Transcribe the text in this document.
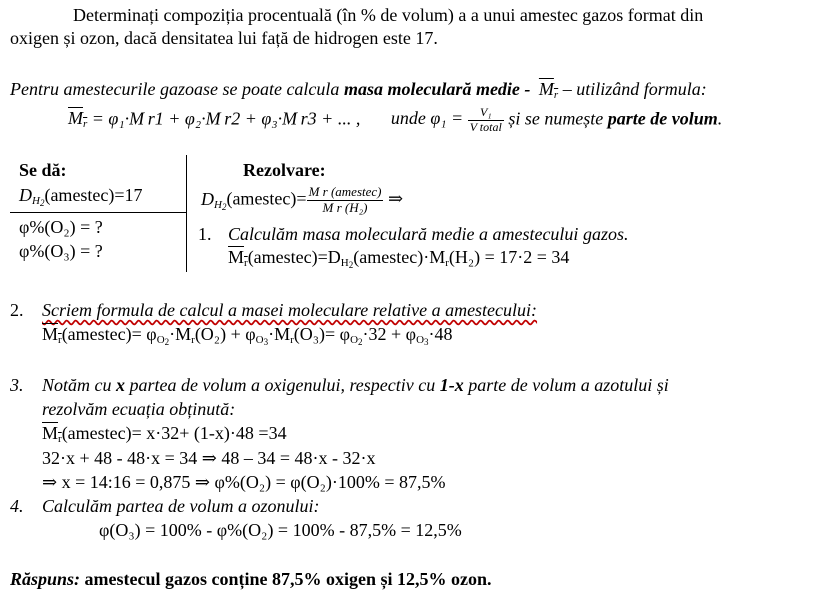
Determinați compoziția procentuală (în % de volum) a a unui amestec gazos format din
oxigen și ozon, dacă densitatea lui față de hidrogen este 17.
Pentru amestecurile gazoase se poate calcula masa moleculară medie - $M_r$ – utilizând formula:
$M_r = \varphi_1\cdot M$ r1 + φ₂·M r2 + φ₃·M r3 + ... , unde $\varphi_1 = \frac{\text{V₁}}{\text{V total}}$ și se numește parte de volum.
Se dă:
$D_{H_2}(amestec)=17$
φ%(O₂) = ?
φ%(O₃) = ?
Rezolvare:
$D_{H_2}(amestec)= \frac{\text{M r (amestec)}}{\text{M r (H₂)}}$ ⇒
1. Calculăm masa moleculară medie a amestecului gazos.
$M_r(amestec)=D_{H_2}(amestec)\cdot M_r(H_2) = 17\cdot 2 = 34$
2. Scriem formula de calcul a masei moleculare relative a amestecului:
$M_r(amestec)= \varphi_{O_2}\cdot M_r(O_2) + \varphi_{O_3}\cdot M_r(O_3)= \varphi_{O_2}\cdot 32 + \varphi_{O_3}\cdot 48$
3. Notăm cu x partea de volum a oxigenului, respectiv cu 1-x parte de volum a azotului și
rezolvăm ecuația obținută:
$M_r(amestec)= x\cdot 32+ (1-x)\cdot 48 =34$
32·x + 48 - 48·x = 34 ⇒ 48 – 34 = 48·x - 32·x
⇒ x = 14:16 = 0,875 ⇒ φ%(O₂) = φ(O₂)·100% = 87,5%
4. Calculăm partea de volum a ozonului:
φ(O₃) = 100% - φ%(O₂) = 100% - 87,5% = 12,5%
Răspuns: amestecul gazos conține 87,5% oxigen și 12,5% ozon.
